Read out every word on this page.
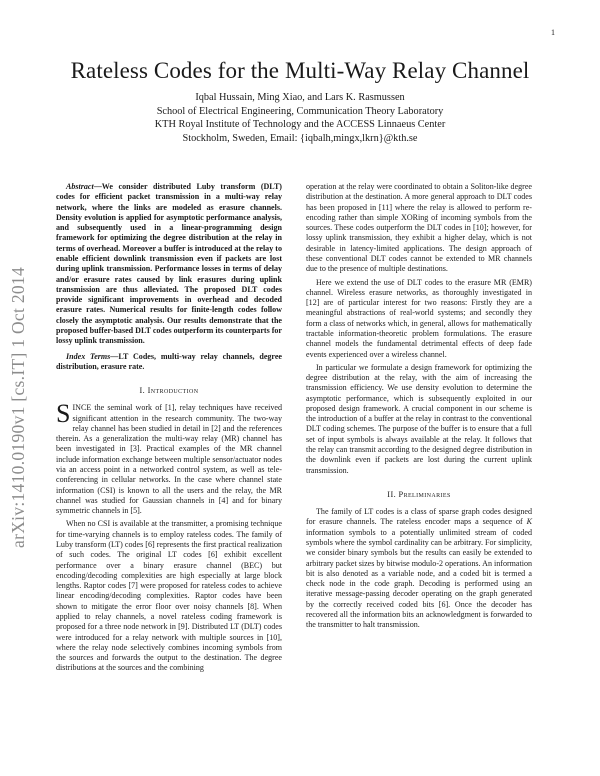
1
arXiv:1410.0190v1 [cs.IT] 1 Oct 2014
Rateless Codes for the Multi-Way Relay Channel
Iqbal Hussain, Ming Xiao, and Lars K. Rasmussen
School of Electrical Engineering, Communication Theory Laboratory
KTH Royal Institute of Technology and the ACCESS Linnaeus Center
Stockholm, Sweden, Email: {iqbalh,mingx,lkrn}@kth.se

Abstract—We consider distributed Luby transform (DLT) codes for efficient packet transmission in a multi-way relay network, where the links are modeled as erasure channels. Density evolution is applied for asymptotic performance analysis, and subsequently used in a linear-programming design framework for optimizing the degree distribution at the relay in terms of overhead. Moreover a buffer is introduced at the relay to enable efficient downlink transmission even if packets are lost during uplink transmission. Performance losses in terms of delay and/or erasure rates caused by link erasures during uplink transmission are thus alleviated. The proposed DLT codes provide significant improvements in overhead and decoded erasure rates. Numerical results for finite-length codes follow closely the asymptotic analysis. Our results demonstrate that the proposed buffer-based DLT codes outperform its counterparts for lossy uplink transmission.

Index Terms—LT Codes, multi-way relay channels, degree distribution, erasure rate.

I. Introduction

SINCE the seminal work of [1], relay techniques have received significant attention in the research community. The two-way relay channel has been studied in detail in [2] and the references therein. As a generalization the multi-way relay (MR) channel has been investigated in [3]. Practical examples of the MR channel include information exchange between multiple sensor/actuator nodes via an access point in a networked control system, as well as tele-conferencing in cellular networks. In the case where channel state information (CSI) is known to all the users and the relay, the MR channel was studied for Gaussian channels in [4] and for binary symmetric channels in [5].

When no CSI is available at the transmitter, a promising technique for time-varying channels is to employ rateless codes. The family of Luby transform (LT) codes [6] represents the first practical realization of such codes. The original LT codes [6] exhibit excellent performance over a binary erasure channel (BEC) but encoding/decoding complexities are high especially at large block lengths. Raptor codes [7] were proposed for rateless codes to achieve linear encoding/decoding complexities. Raptor codes have been shown to mitigate the error floor over noisy channels [8]. When applied to relay channels, a novel rateless coding framework is proposed for a three node network in [9]. Distributed LT (DLT) codes were introduced for a relay network with multiple sources in [10], where the relay node selectively combines incoming symbols from the sources and forwards the output to the destination. The degree distributions at the sources and the combining

operation at the relay were coordinated to obtain a Soliton-like degree distribution at the destination. A more general approach to DLT codes has been proposed in [11] where the relay is allowed to perform re-encoding rather than simple XORing of incoming symbols from the sources. These codes outperform the DLT codes in [10]; however, for lossy uplink transmission, they exhibit a higher delay, which is not desirable in latency-limited applications. The design approach of these conventional DLT codes cannot be extended to MR channels due to the presence of multiple destinations.

Here we extend the use of DLT codes to the erasure MR (EMR) channel. Wireless erasure networks, as thoroughly investigated in [12] are of particular interest for two reasons: Firstly they are a meaningful abstractions of real-world systems; and secondly they form a class of networks which, in general, allows for mathematically tractable information-theoretic problem formulations. The erasure channel models the fundamental detrimental effects of deep fade events experienced over a wireless channel.

In particular we formulate a design framework for optimizing the degree distribution at the relay, with the aim of increasing the transmission efficiency. We use density evolution to determine the asymptotic performance, which is subsequently exploited in our proposed design framework. A crucial component in our scheme is the introduction of a buffer at the relay in contrast to the conventional DLT coding schemes. The purpose of the buffer is to ensure that a full set of input symbols is always available at the relay. It follows that the relay can transmit according to the designed degree distribution in the downlink even if packets are lost during the current uplink transmission.

II. Preliminaries

The family of LT codes is a class of sparse graph codes designed for erasure channels. The rateless encoder maps a sequence of K information symbols to a potentially unlimited stream of coded symbols where the symbol cardinality can be arbitrary. For simplicity, we consider binary symbols but the results can easily be extended to arbitrary packet sizes by bitwise modulo-2 operations. An information bit is also denoted as a variable node, and a coded bit is termed a check node in the code graph. Decoding is performed using an iterative message-passing decoder operating on the graph generated by the correctly received coded bits [6]. Once the decoder has recovered all the information bits an acknowledgment is forwarded to the transmitter to halt transmission.
